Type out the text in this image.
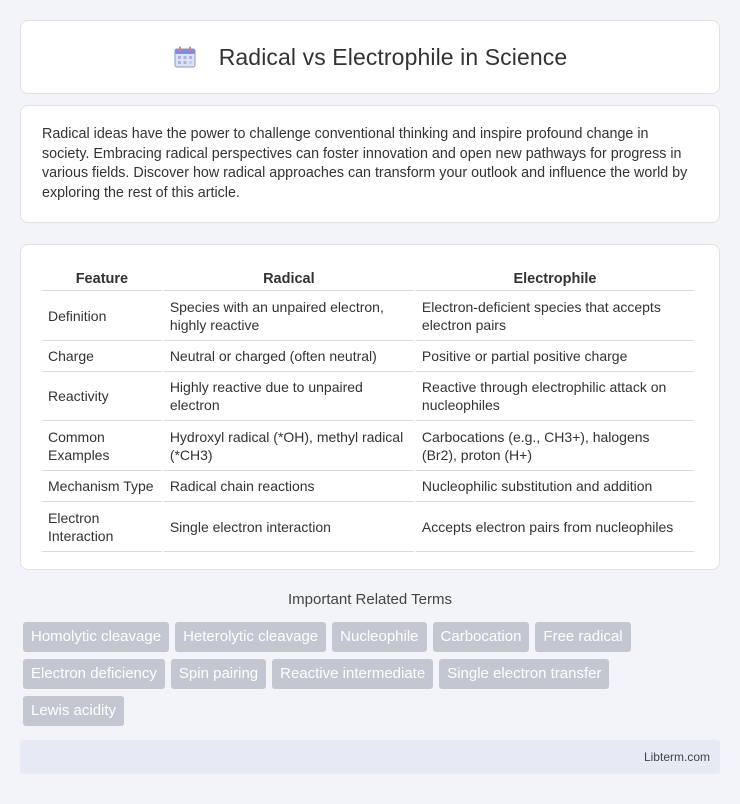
Radical vs Electrophile in Science

Radical ideas have the power to challenge conventional thinking and inspire profound change in society. Embracing radical perspectives can foster innovation and open new pathways for progress in various fields. Discover how radical approaches can transform your outlook and influence the world by exploring the rest of this article.

Feature	Radical	Electrophile
Definition	Species with an unpaired electron, highly reactive	Electron-deficient species that accepts electron pairs
Charge	Neutral or charged (often neutral)	Positive or partial positive charge
Reactivity	Highly reactive due to unpaired electron	Reactive through electrophilic attack on nucleophiles
Common Examples	Hydroxyl radical (*OH), methyl radical (*CH3)	Carbocations (e.g., CH3+), halogens (Br2), proton (H+)
Mechanism Type	Radical chain reactions	Nucleophilic substitution and addition
Electron Interaction	Single electron interaction	Accepts electron pairs from nucleophiles
Important Related Terms
Homolytic cleavage	Heterolytic cleavage	Nucleophile	Carbocation	Free radical
Electron deficiency	Spin pairing	Reactive intermediate	Single electron transfer
Lewis acidity
Libterm.com
